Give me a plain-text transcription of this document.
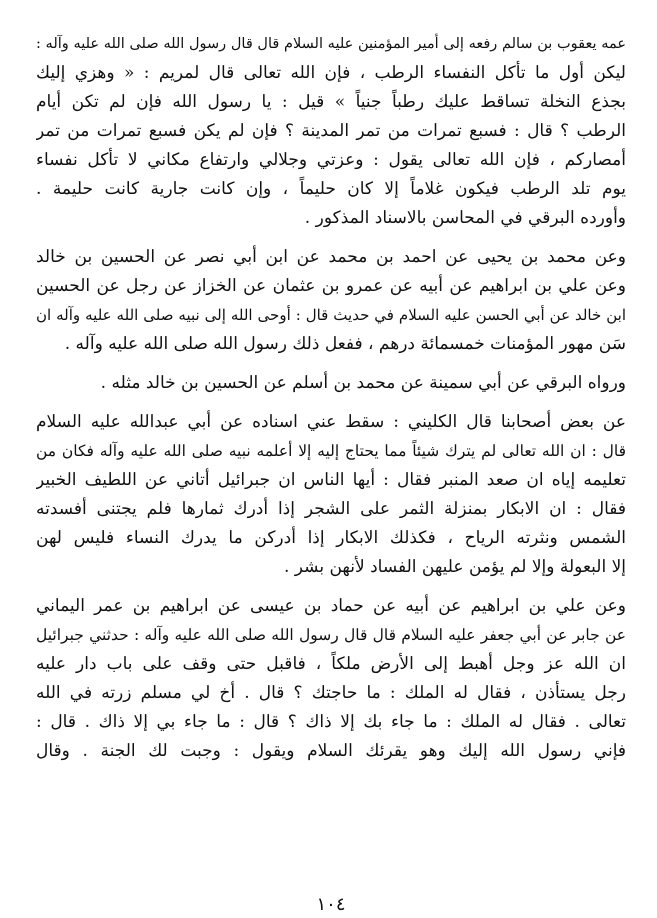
عمه يعقوب بن سالم رفعه إلى أمير المؤمنين عليه السلام قال قال رسول الله صلى الله عليه وآله :
ليكن أول ما تأكل النفساء الرطب ، فإن الله تعالى قال لمريم : « وهزي إليك
بجذع النخلة تساقط عليك رطباً جنياً » قيل : يا رسول الله فإن لم تكن أيام
الرطب ؟ قال : فسبع تمرات من تمر المدينة ؟ فإن لم يكن فسبع تمرات من تمر
أمصاركم ، فإن الله تعالى يقول : وعزتي وجلالي وارتفاع مكاني لا تأكل نفساء
يوم تلد الرطب فيكون غلاماً إلا كان حليماً ، وإن كانت جارية كانت حليمة .
وأورده البرقي في المحاسن بالاسناد المذكور .

وعن محمد بن يحيى عن احمد بن محمد عن ابن أبي نصر عن الحسين بن خالد
وعن علي بن ابراهيم عن أبيه عن عمرو بن عثمان عن الخزاز عن رجل عن الحسين
ابن خالد عن أبي الحسن عليه السلام في حديث قال : أوحى الله إلى نبيه صلى الله عليه وآله ان
سَن مهور المؤمنات خمسمائة درهم ، ففعل ذلك رسول الله صلى الله عليه وآله .

ورواه البرقي عن أبي سمينة عن محمد بن أسلم عن الحسين بن خالد مثله .

عن بعض أصحابنا قال الكليني : سقط عني اسناده عن أبي عبدالله عليه السلام
قال : ان الله تعالى لم يترك شيئاً مما يحتاج إليه إلا أعلمه نبيه صلى الله عليه وآله فكان من
تعليمه إياه ان صعد المنبر فقال : أيها الناس ان جبرائيل أتاني عن اللطيف الخبير
فقال : ان الابكار بمنزلة الثمر على الشجر إذا أدرك ثمارها فلم يجتنى أفسدته
الشمس ونثرته الرياح ، فكذلك الابكار إذا أدركن ما يدرك النساء فليس لهن
إلا البعولة وإلا لم يؤمن عليهن الفساد لأنهن بشر .

وعن علي بن ابراهيم عن أبيه عن حماد بن عيسى عن ابراهيم بن عمر اليماني
عن جابر عن أبي جعفر عليه السلام قال قال رسول الله صلى الله عليه وآله : حدثني جبرائيل
ان الله عز وجل أهبط إلى الأرض ملكاً ، فاقبل حتى وقف على باب دار عليه
رجل يستأذن ، فقال له الملك : ما حاجتك ؟ قال . أخ لي مسلم زرته في الله
تعالى . فقال له الملك : ما جاء بك إلا ذاك ؟ قال : ما جاء بي إلا ذاك . قال :
فإني رسول الله إليك وهو يقرئك السلام ويقول : وجبت لك الجنة . وقال

١٠٤
